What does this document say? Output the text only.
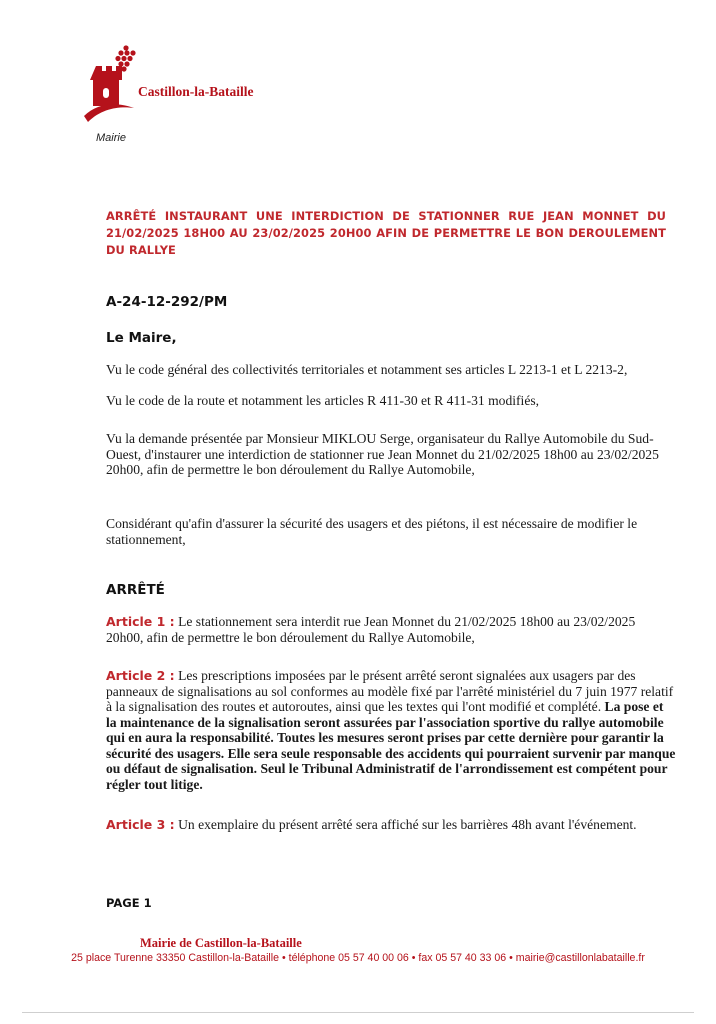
Castillon-la-Bataille
Mairie
ARRÊTÉ INSTAURANT UNE INTERDICTION DE STATIONNER RUE JEAN MONNET DU 21/02/2025 18H00 AU 23/02/2025 20H00 AFIN DE PERMETTRE LE BON DEROULEMENT DU RALLYE
A-24-12-292/PM
Le Maire,
Vu le code général des collectivités territoriales et notamment ses articles L 2213-1 et L 2213-2,
Vu le code de la route et notamment les articles R 411-30 et R 411-31 modifiés,
Vu la demande présentée par Monsieur MIKLOU Serge, organisateur du Rallye Automobile du Sud-Ouest, d'instaurer une interdiction de stationner rue Jean Monnet du 21/02/2025 18h00 au 23/02/2025 20h00, afin de permettre le bon déroulement du Rallye Automobile,
Considérant qu'afin d'assurer la sécurité des usagers et des piétons, il est nécessaire de modifier le stationnement,
ARRÊTÉ
Article 1 : Le stationnement sera interdit rue Jean Monnet du 21/02/2025 18h00 au 23/02/2025 20h00, afin de permettre le bon déroulement du Rallye Automobile,
Article 2 : Les prescriptions imposées par le présent arrêté seront signalées aux usagers par des panneaux de signalisations au sol conformes au modèle fixé par l'arrêté ministériel du 7 juin 1977 relatif à la signalisation des routes et autoroutes, ainsi que les textes qui l'ont modifié et complété. La pose et la maintenance de la signalisation seront assurées par l'association sportive du rallye automobile qui en aura la responsabilité. Toutes les mesures seront prises par cette dernière pour garantir la sécurité des usagers. Elle sera seule responsable des accidents qui pourraient survenir par manque ou défaut de signalisation. Seul le Tribunal Administratif de l'arrondissement est compétent pour régler tout litige.
Article 3 : Un exemplaire du présent arrêté sera affiché sur les barrières 48h avant l'événement.
PAGE 1
Mairie de Castillon-la-Bataille
25 place Turenne 33350 Castillon-la-Bataille • téléphone 05 57 40 00 06 • fax 05 57 40 33 06 • mairie@castillonlabataille.fr
